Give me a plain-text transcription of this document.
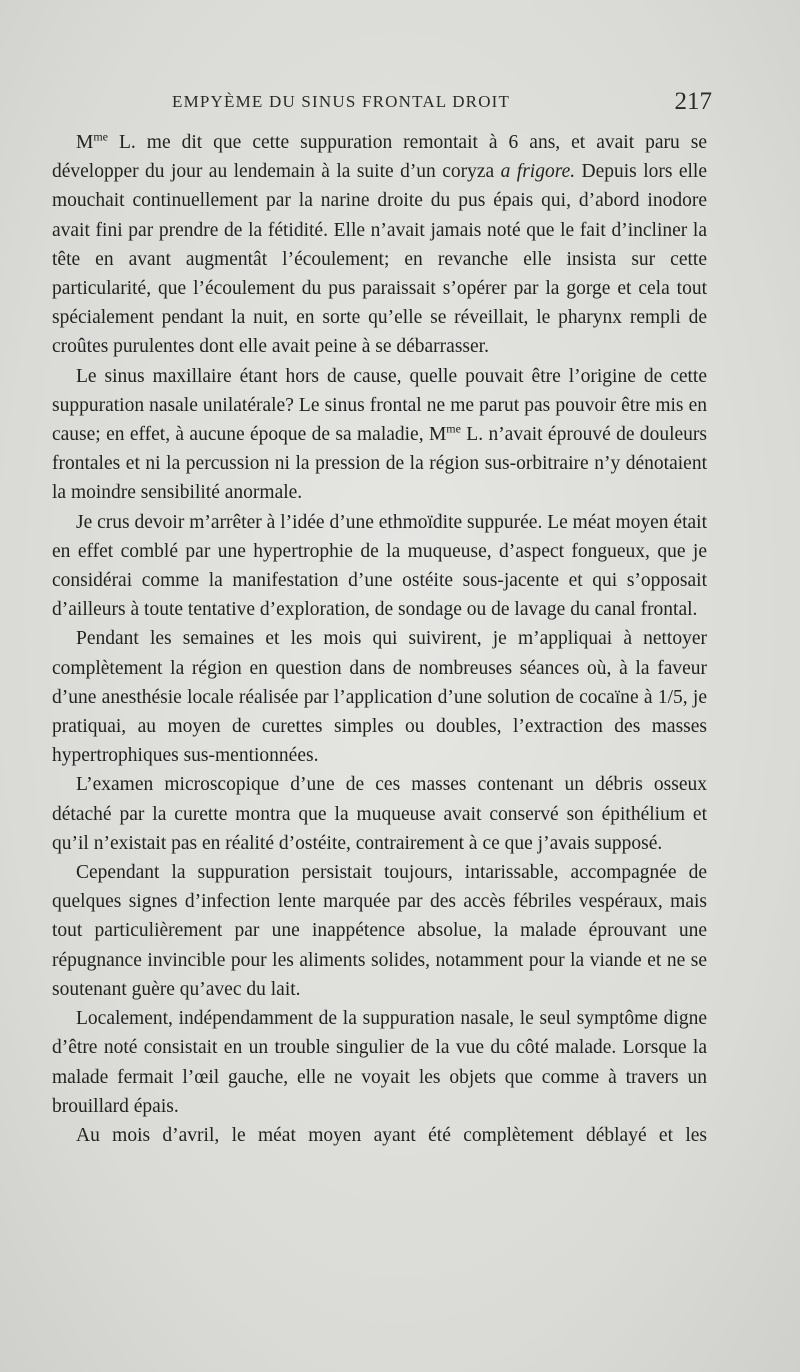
EMPYÈME DU SINUS FRONTAL DROIT	217

$M^{me}$ L. me dit que cette suppuration remontait à 6 ans, et avait paru se développer du jour au lendemain à la suite d’un coryza a frigore. Depuis lors elle mouchait continuellement par la narine droite du pus épais qui, d’abord inodore avait fini par prendre de la fétidité. Elle n’avait jamais noté que le fait d’incliner la tête en avant augmentât l’écoulement; en revanche elle insista sur cette particularité, que l’écoulement du pus paraissait s’opérer par la gorge et cela tout spécialement pendant la nuit, en sorte qu’elle se réveillait, le pharynx rempli de croûtes purulentes dont elle avait peine à se débarrasser.

Le sinus maxillaire étant hors de cause, quelle pouvait être l’origine de cette suppuration nasale unilatérale? Le sinus frontal ne me parut pas pouvoir être mis en cause; en effet, à aucune époque de sa maladie, $M^{me}$ L. n’avait éprouvé de douleurs frontales et ni la percussion ni la pression de la région sus-orbitraire n’y dénotaient la moindre sensibilité anormale.

Je crus devoir m’arrêter à l’idée d’une ethmoïdite suppurée. Le méat moyen était en effet comblé par une hypertrophie de la muqueuse, d’aspect fongueux, que je considérai comme la manifestation d’une ostéite sous-jacente et qui s’opposait d’ailleurs à toute tentative d’exploration, de sondage ou de lavage du canal frontal.

Pendant les semaines et les mois qui suivirent, je m’appliquai à nettoyer complètement la région en question dans de nombreuses séances où, à la faveur d’une anesthésie locale réalisée par l’application d’une solution de cocaïne à 1/5, je pratiquai, au moyen de curettes simples ou doubles, l’extraction des masses hypertrophiques sus-mentionnées.

L’examen microscopique d’une de ces masses contenant un débris osseux détaché par la curette montra que la muqueuse avait conservé son épithélium et qu’il n’existait pas en réalité d’ostéite, contrairement à ce que j’avais supposé.

Cependant la suppuration persistait toujours, intarissable, accompagnée de quelques signes d’infection lente marquée par des accès fébriles vespéraux, mais tout particulièrement par une inappétence absolue, la malade éprouvant une répugnance invincible pour les aliments solides, notamment pour la viande et ne se soutenant guère qu’avec du lait.

Localement, indépendamment de la suppuration nasale, le seul symptôme digne d’être noté consistait en un trouble singulier de la vue du côté malade. Lorsque la malade fermait l’œil gauche, elle ne voyait les objets que comme à travers un brouillard épais.

Au mois d’avril, le méat moyen ayant été complètement déblayé et les
